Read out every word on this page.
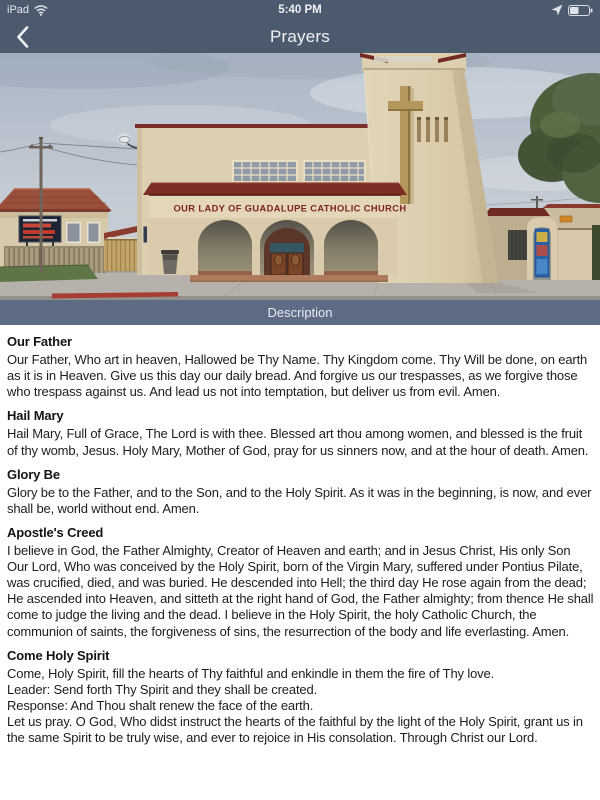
iPad	5:40 PM
Prayers
OUR LADY OF GUADALUPE CATHOLIC CHURCH
Description
Our Father

Our Father, Who art in heaven, Hallowed be Thy Name. Thy Kingdom come. Thy Will be done, on earth as it is in Heaven. Give us this day our daily bread. And forgive us our trespasses, as we forgive those who trespass against us. And lead us not into temptation, but deliver us from evil. Amen.

Hail Mary

Hail Mary, Full of Grace, The Lord is with thee. Blessed art thou among women, and blessed is the fruit of thy womb, Jesus. Holy Mary, Mother of God, pray for us sinners now, and at the hour of death. Amen.

Glory Be

Glory be to the Father, and to the Son, and to the Holy Spirit. As it was in the beginning, is now, and ever shall be, world without end. Amen.

Apostle's Creed

I believe in God, the Father Almighty, Creator of Heaven and earth; and in Jesus Christ, His only Son Our Lord, Who was conceived by the Holy Spirit, born of the Virgin Mary, suffered under Pontius Pilate, was crucified, died, and was buried. He descended into Hell; the third day He rose again from the dead; He ascended into Heaven, and sitteth at the right hand of God, the Father almighty; from thence He shall come to judge the living and the dead. I believe in the Holy Spirit, the holy Catholic Church, the communion of saints, the forgiveness of sins, the resurrection of the body and life everlasting. Amen.

Come Holy Spirit

Come, Holy Spirit, fill the hearts of Thy faithful and enkindle in them the fire of Thy love.

Leader: Send forth Thy Spirit and they shall be created.

Response: And Thou shalt renew the face of the earth.

Let us pray. O God, Who didst instruct the hearts of the faithful by the light of the Holy Spirit, grant us in the same Spirit to be truly wise, and ever to rejoice in His consolation. Through Christ our Lord.
